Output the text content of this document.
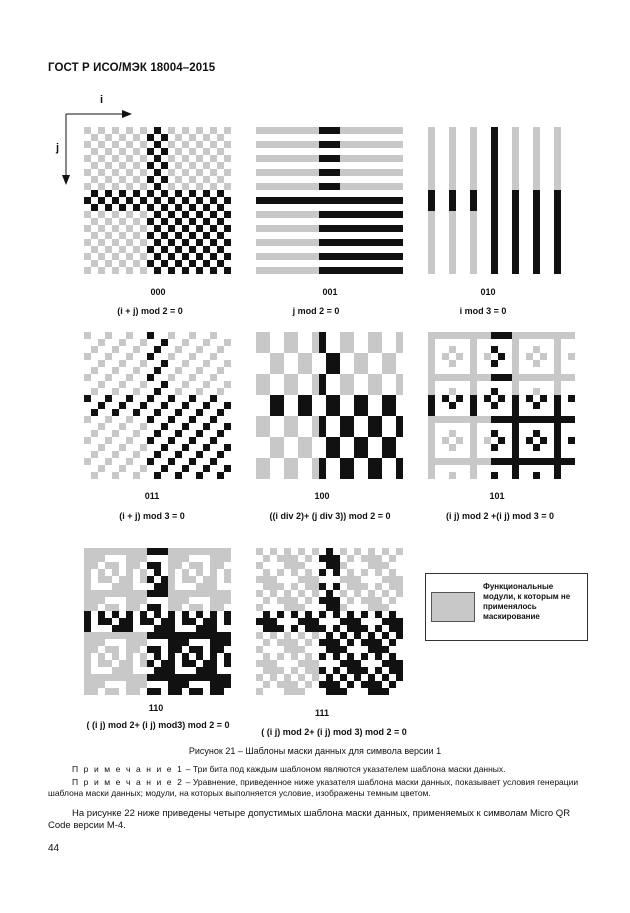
ГОСТ Р ИСО/МЭК 18004–2015
i
j
000
(i + j) mod 2 = 0
001
j mod 2 = 0
010
i mod 3 = 0
011
(i + j) mod 3 = 0
100
((i div 2)+ (j div 3)) mod 2 = 0
101
(i j) mod 2 +(i j) mod 3 = 0
110
( (i j) mod 2+ (i j) mod3) mod 2 = 0
111
( (i j) mod 2+ (i j) mod 3) mod 2 = 0
Функциональные модули, к которым не применялось маскирование
Рисунок 21 – Шаблоны маски данных для символа версии 1
П р и м е ч а н и е 1 – Три бита под каждым шаблоном являются указателем шаблона маски данных.
П р и м е ч а н и е 2 – Уравнение, приведенное ниже указателя шаблона маски данных, показывает условия генерации шаблона маски данных; модули, на которых выполняется условие, изображены темным цветом.
На рисунке 22 ниже приведены четыре допустимых шаблона маски данных, применяемых к символам Micro QR Code версии M-4.
44
